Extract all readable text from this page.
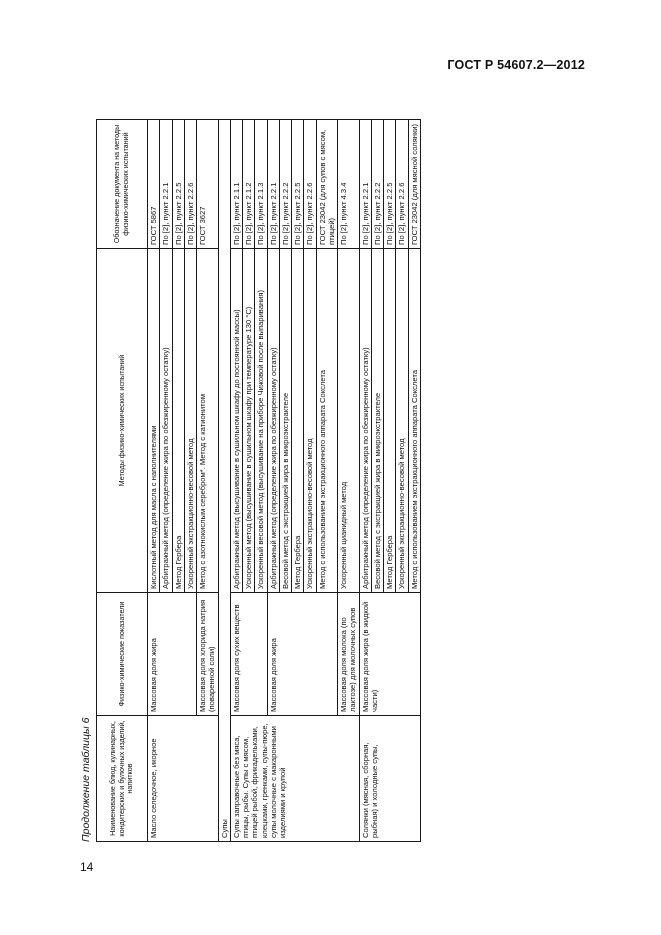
ГОСТ Р 54607.2—2012
Продолжение таблицы 6 Наименование блюд, кулинарных, кондитерских и булочных изделий, напитков	Физико-химические показатели	Методы физико-химических испытаний	Обозначение документа на методы физико-химических испытаний
Масло селедочное, икорное	Массовая доля жира	Кислотный метод для масла с наполнителями	ГОСТ 5867
		Арбитражный метод (определение жира по обезжиренному остатку)	По [2], пункт 2.2.1
		Метод Гербера	По [2], пункт 2.2.5
		Ускоренный экстракционно-весовой метод	По [2], пункт 2.2.6
	Массовая доля хлорида натрия (поваренной соли)	Метод с азотнокислым серебром*. Метод с катионитом	ГОСТ 3627
Супы			
Супы заправочные без мяса, птицы, рыбы. Супы с мясом, птицей рыбой, фрикадельками, клецками, гренками, супы-пюре, супы молочные с макаронными изделиями и крупой	Массовая доля сухих веществ	Арбитражный метод (высушивание в сушильном шкафу до постоянной массы)	По [2], пункт 2.1.1
		Ускоренный метод (высушивание в сушильном шкафу при температуре 130 °С)	По [2], пункт 2.1.2
		Ускоренный весовой метод (высушивание на приборе Чижовой после выпаривания)	По [2], пункт 2.1.3
	Массовая доля жира	Арбитражный метод (определение жира по обезжиренному остатку)	По [2], пункт 2.2.1
		Весовой метод с экстракцией жира в микроэкстрактеле	По [2], пункт 2.2.2
		Метод Гербера	По [2], пункт 2.2.5
		Ускоренный экстракционно-весовой метод	По [2], пункт 2.2.6
		Метод с использованием экстракционного аппарата Сокслета	ГОСТ 23042 (для супов с мясом, птицей)
	Массовая доля молока (по лактозе) для молочных супов	Ускоренный цианидный метод	По [2], пункт 4.3.4
Солянки (мясная, сборная, рыбная) и холодные супы,	Массовая доля жира (в жидкой части)	Арбитражный метод (определение жира по обезжиренному остатку)	По [2], пункт 2.2.1
		Весовой метод с экстракцией жира в микроэкстрактеле	По [2], пункт 2.2.2
		Метод Гербера	По [2], пункт 2.2.5
		Ускоренный экстракционно-весовой метод	По [2], пункт 2.2.6
		Метод с использованием экстракционного аппарата Сокслета	ГОСТ 23042 (для мясной солянки)
14
